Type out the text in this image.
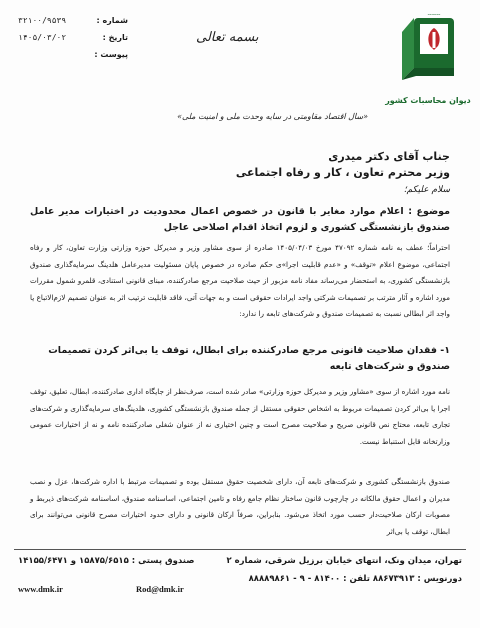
ⵧⵧⵧ
دیوان محاسبات کشور
بسمه تعالی
شماره :
۳۲۱۰۰/۹۵۳۹
تاریخ :
۱۴۰۵/۰۳/۰۲
پیوست :
«سال اقتصاد مقاومتی در سایه وحدت ملی و امنیت ملی»
جناب آقای دکتر میدری
وزیر محترم تعاون ، کار و رفاه اجتماعی
سلام علیکم؛
موضوع : اعلام موارد مغایر با قانون در خصوص اعمال محدودیت در اختیارات مدیر عامل صندوق بازنشستگی کشوری و لزوم اتخاذ اقدام اصلاحی عاجل
احتراماً؛ عطف به نامه شماره ۴۷۰۹۲ مورخ ۱۴۰۵/۰۴/۰۳ صادره از سوی مشاور وزیر و مدیرکل حوزه وزارتی وزارت تعاون، کار و رفاه اجتماعی، موضوع اعلام «توقف» و «عدم قابلیت اجرا»ی حکم صادره در خصوص پایان مسئولیت مدیرعامل هلدینگ سرمایه‌گذاری صندوق بازنشستگی کشوری، به استحضار می‌رساند مفاد نامه مزبور از حیث صلاحیت مرجع صادرکننده، مبنای قانونی استنادی، قلمرو شمول مقررات مورد اشاره و آثار مترتب بر تصمیمات شرکتی واجد ایرادات حقوقی است و به جهات آتی، فاقد قابلیت ترتیب اثر به عنوان تصمیم لازم‌الاتباع یا واجد اثر ابطالی نسبت به تصمیمات صندوق و شرکت‌های تابعه را ندارد:
۱- فقدان صلاحیت قانونی مرجع صادرکننده برای ابطال، توقف یا بی‌اثر کردن تصمیمات صندوق و شرکت‌های تابعه
نامه مورد اشاره از سوی «مشاور وزیر و مدیرکل حوزه وزارتی» صادر شده است، صرف‌نظر از جایگاه اداری صادرکننده، ابطال، تعلیق، توقف اجرا یا بی‌اثر کردن تصمیمات مربوط به اشخاص حقوقی مستقل از جمله صندوق بازنشستگی کشوری، هلدینگ‌های سرمایه‌گذاری و شرکت‌های تجاری تابعه، محتاج نص قانونی صریح و صلاحیت مصرح است و چنین اختیاری نه از عنوان شغلی صادرکننده نامه و نه از اختیارات عمومی وزارتخانه قابل استنباط نیست.
صندوق بازنشستگی کشوری و شرکت‌های تابعه آن، دارای شخصیت حقوق مستقل بوده و تصمیمات مرتبط با اداره شرکت‌ها، عزل و نصب مدیران و اعمال حقوق مالکانه در چارچوب قانون ساختار نظام جامع رفاه و تامین اجتماعی، اساسنامه صندوق، اساسنامه شرکت‌های ذیربط و مصوبات ارکان صلاحیت‌دار حسب مورد اتخاذ می‌شود. بنابراین، صرفاً ارکان قانونی و دارای حدود اختیارات مصرح قانونی می‌توانند برای ابطال، توقف یا بی‌اثر
تهران، میدان ونک، انتهای خیابان برزیل شرقی، شماره ۲
صندوق پستی : ۱۵۸۷۵/۶۵۱۵ و ۱۴۱۵۵/۶۴۷۱
دورنویس : ۸۸۶۷۳۹۱۳ تلفن : ۸۱۴۰۰ - ۹ - ۸۸۸۸۹۸۶۱
www.dmk.ir	Rod@dmk.ir
